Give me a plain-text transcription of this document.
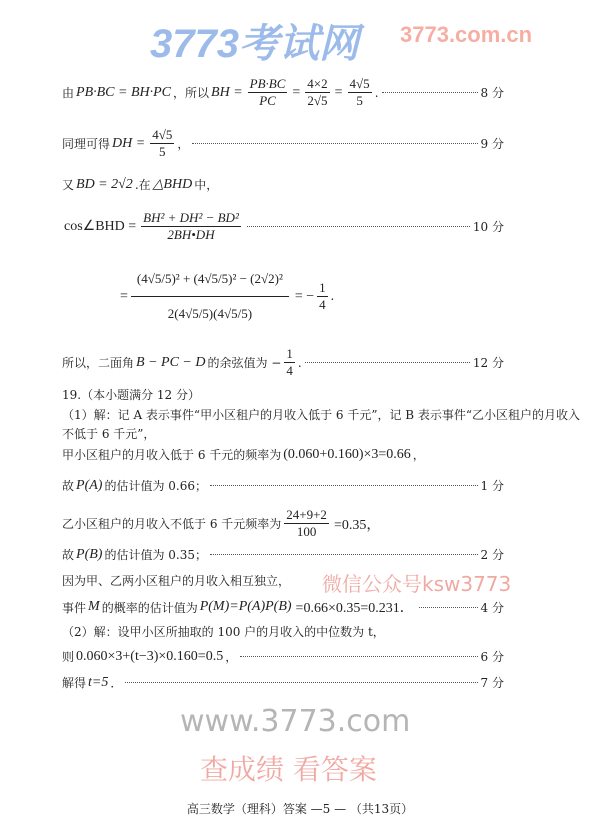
由 PB·BC = BH·PC ，所以 BH = $\frac{PB\cdot BC}{PC} = \frac{4\times 2}{2√5} = \frac{4√5}{5}$ .	8 分
同理可得 DH = $\frac{4√5}{5}$ ，	9 分
又 BD = 2√2 .在 △BHD 中，
cos∠BHD = $\frac{\text{BH² + DH² − BD²}}{2BH•DH}$	10 分
= $\frac{\text{(4√5/5)² + (4√5/5)² − (2√2)²}}{2(4√5/5)(4√5/5)}$ = − $\frac{1}{4}$ .
所以，二面角 B − PC − D 的余弦值为 − $\frac{1}{4}$ .	12 分
19.（本小题满分 12 分）
（1）解：记 A 表示事件“甲小区租户的月收入低于 6 千元”，记 B 表示事件“乙小区租户的月收入
不低于 6 千元”，
甲小区租户的月收入低于 6 千元的频率为 (0.060+0.160)×3=0.66 ，
故 P(A) 的估计值为 0.66；	1 分
乙小区租户的月收入不低于 6 千元频率为 $\frac{24+9+2}{100} =0.35$，
故 P(B) 的估计值为 0.35；	2 分
因为甲、乙两小区租户的月收入相互独立，
事件 M 的概率的估计值为 P(M)=P(A)P(B) =0.66×0.35=0.231．	4 分
（2）解：设甲小区所抽取的 100 户的月收入的中位数为 t，
则 0.060×3+(t−3)×0.160=0.5 ，	6 分
解得 t=5 ．	7 分
高三数学（理科）答案 —5 — （共13页）
3773考试网 3773.com.cn
微信公众号ksw3773
www.3773.com
查成绩 看答案
